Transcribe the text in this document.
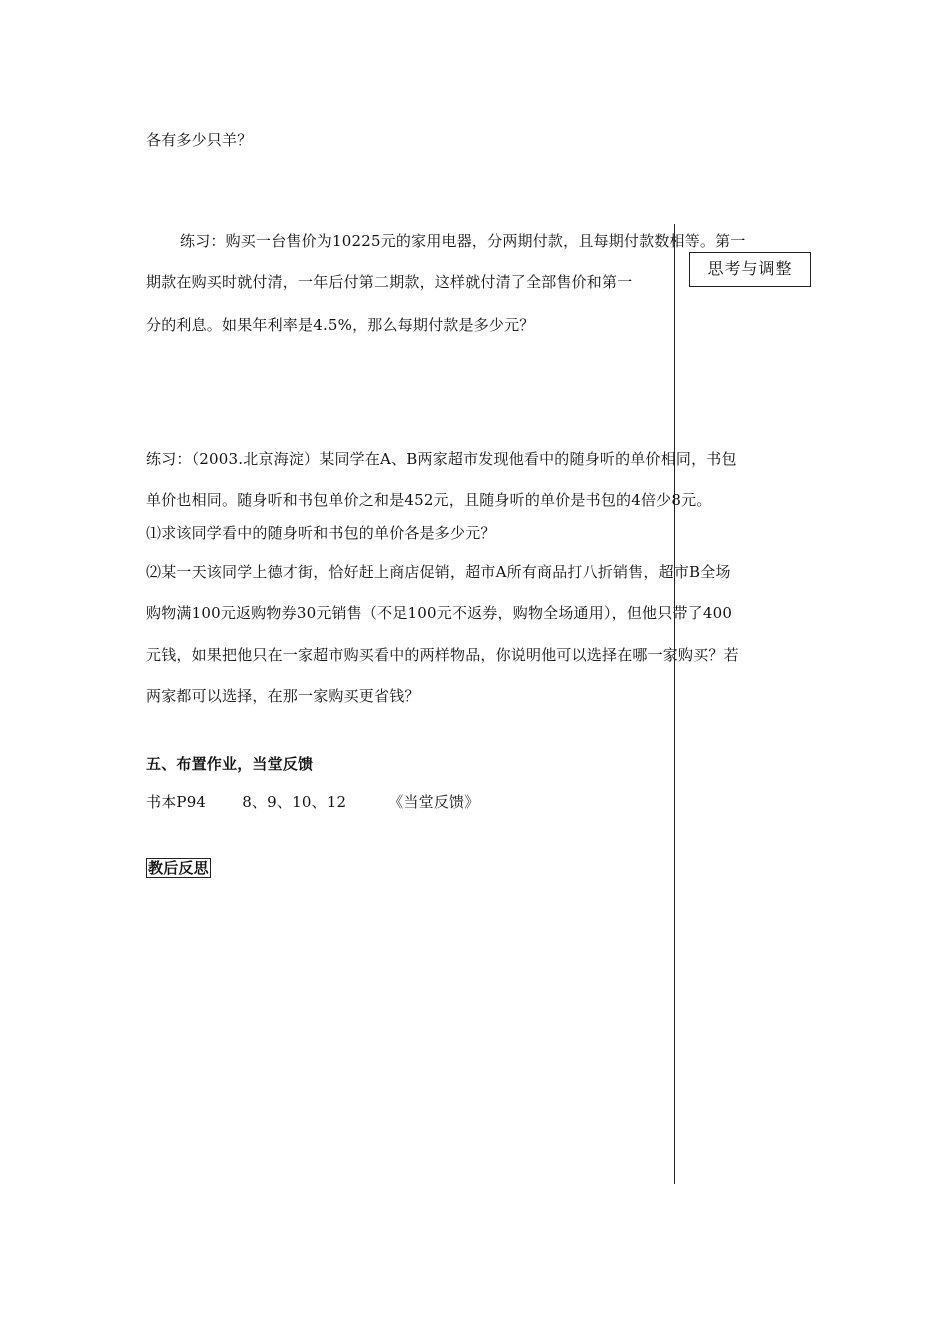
各有多少只羊？
练习：购买一台售价为10225元的家用电器，分两期付款，且每期付款数相等。第一
期款在购买时就付清，一年后付第二期款，这样就付清了全部售价和第一
分的利息。如果年利率是4.5%，那么每期付款是多少元？
练习：（2003.北京海淀）某同学在A、B两家超市发现他看中的随身听的单价相同，书包
单价也相同。随身听和书包单价之和是452元，且随身听的单价是书包的4倍少8元。
⑴求该同学看中的随身听和书包的单价各是多少元？
⑵某一天该同学上德才街，恰好赶上商店促销，超市A所有商品打八折销售，超市B全场
购物满100元返购物券30元销售（不足100元不返券，购物全场通用），但他只带了400
元钱，如果把他只在一家超市购买看中的两样物品，你说明他可以选择在哪一家购买？若
两家都可以选择，在那一家购买更省钱？
五、布置作业，当堂反馈
书本P94 8、9、10、12	《当堂反馈》
教后反思
思考与调整
